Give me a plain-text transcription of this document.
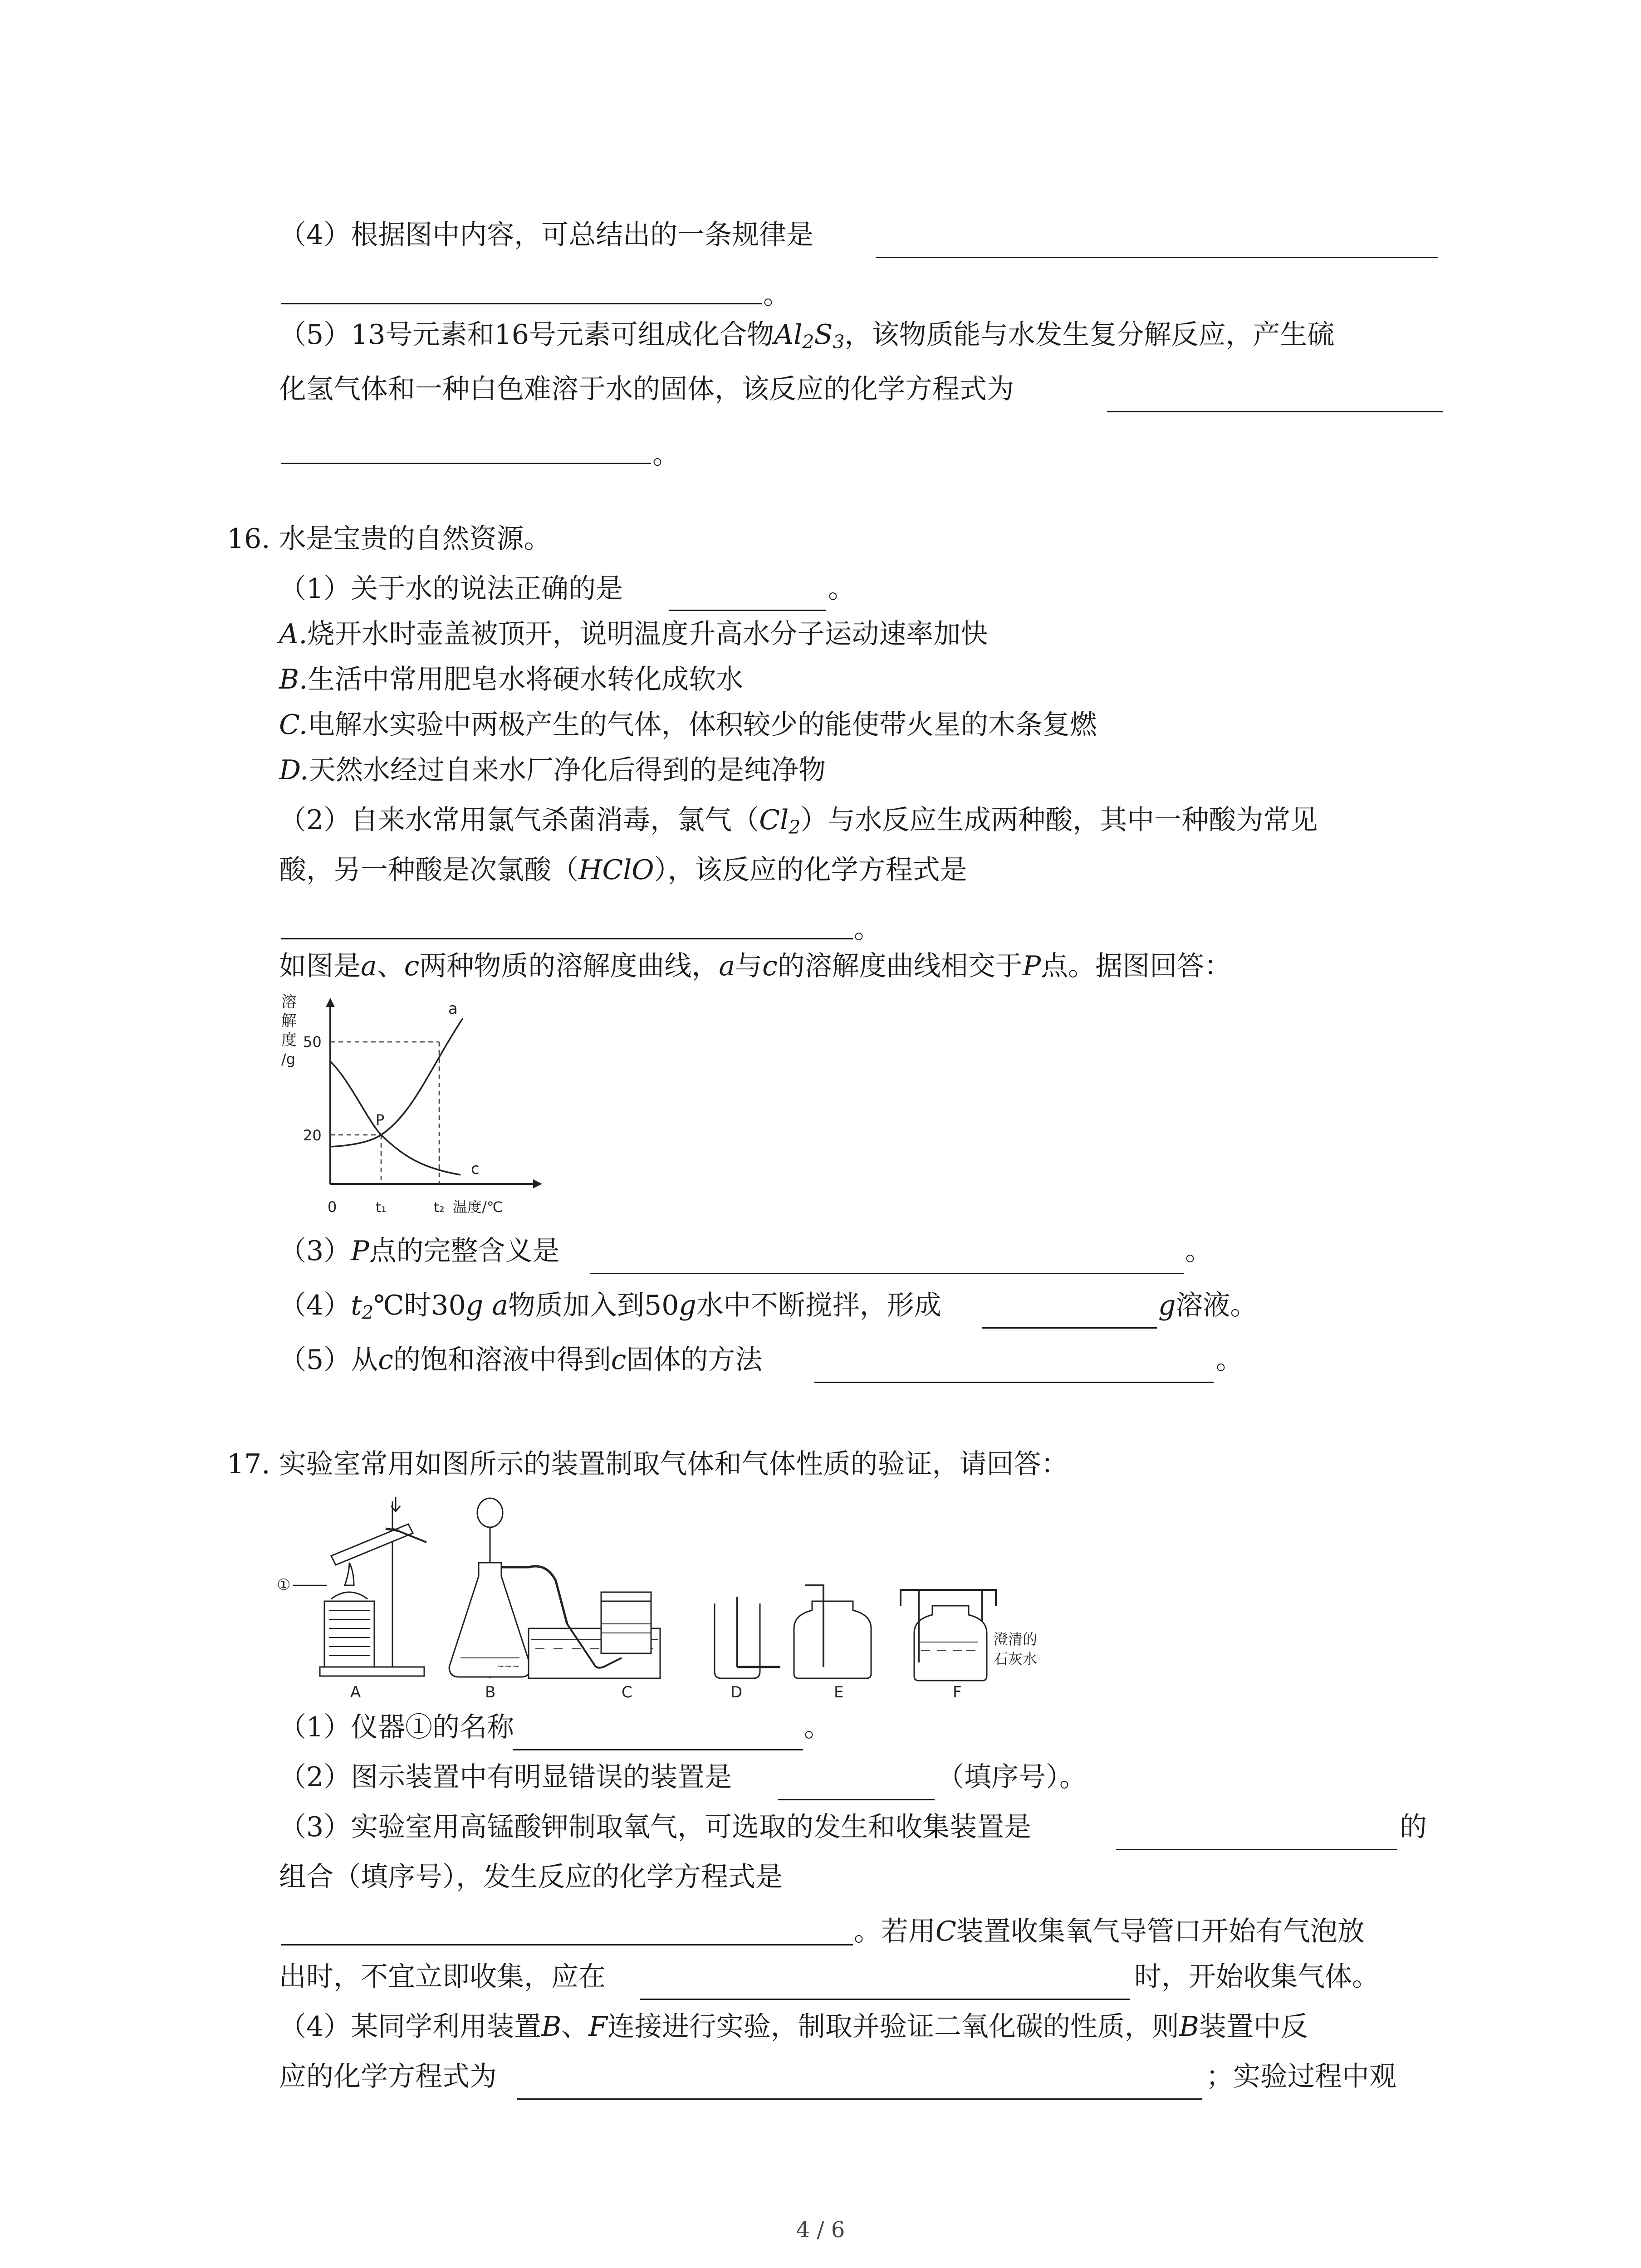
（4）根据图中内容，可总结出的一条规律是
。
（5）13号元素和16号元素可组成化合物$Al_2S_3$，该物质能与水发生复分解反应，产生硫
化氢气体和一种白色难溶于水的固体，该反应的化学方程式为
。
16. 水是宝贵的自然资源。
（1）关于水的说法正确的是	。
A.烧开水时壶盖被顶开，说明温度升高水分子运动速率加快
B.生活中常用肥皂水将硬水转化成软水
C.电解水实验中两极产生的气体，体积较少的能使带火星的木条复燃
D.天然水经过自来水厂净化后得到的是纯净物
（2）自来水常用氯气杀菌消毒，氯气$(Cl_2)$与水反应生成两种酸，其中一种酸为常见
酸，另一种酸是次氯酸（HClO），该反应的化学方程式是
。
如图是a、c两种物质的溶解度曲线，a与c的溶解度曲线相交于P点。据图回答：
溶
解
度
/g
a
c
P
50
20
0	t₁	t₂ 温度/℃
（3）P点的完整含义是	。
$(4)t_2℃$时30g a物质加入到50g水中不断搅拌，形成	g溶液。
（5）从c的饱和溶液中得到c固体的方法	。
17. 实验室常用如图所示的装置制取气体和气体性质的验证，请回答：
①
~~~
澄清的
石灰水
A	B	C	D	E	F
（1）仪器①的名称	。
（2）图示装置中有明显错误的装置是	（填序号）。
（3）实验室用高锰酸钾制取氧气，可选取的发生和收集装置是	的
组合（填序号），发生反应的化学方程式是
。若用C装置收集氧气导管口开始有气泡放
出时，不宜立即收集，应在	时，开始收集气体。
（4）某同学利用装置B、F连接进行实验，制取并验证二氧化碳的性质，则B装置中反
应的化学方程式为	；实验过程中观
4 / 6
